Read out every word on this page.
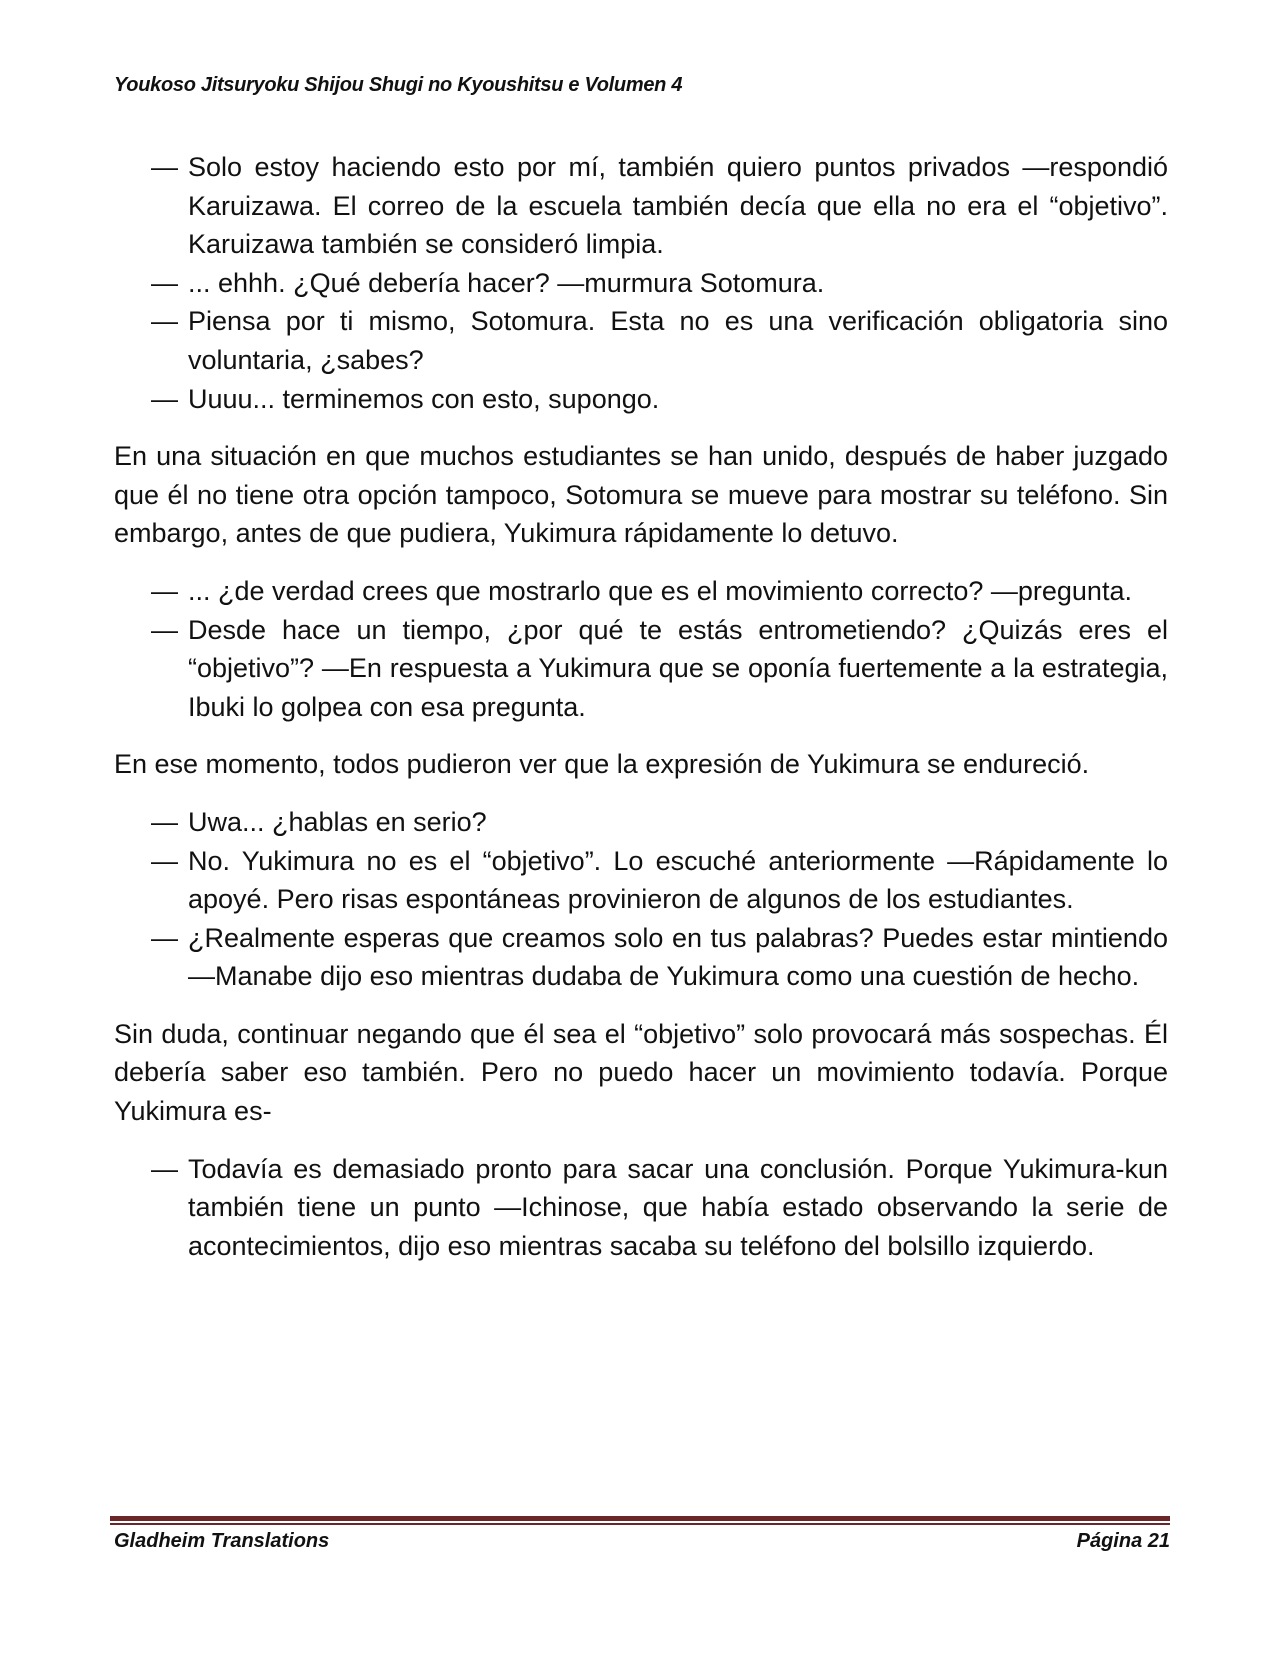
Youkoso Jitsuryoku Shijou Shugi no Kyoushitsu e Volumen 4
— Solo estoy haciendo esto por mí, también quiero puntos privados —respondió Karuizawa. El correo de la escuela también decía que ella no era el “objetivo”. Karuizawa también se consideró limpia.
— ... ehhh. ¿Qué debería hacer? —murmura Sotomura.
— Piensa por ti mismo, Sotomura. Esta no es una verificación obligatoria sino voluntaria, ¿sabes?
— Uuuu... terminemos con esto, supongo.
En una situación en que muchos estudiantes se han unido, después de haber juzgado que él no tiene otra opción tampoco, Sotomura se mueve para mostrar su teléfono. Sin embargo, antes de que pudiera, Yukimura rápidamente lo detuvo.
— ... ¿de verdad crees que mostrarlo que es el movimiento correcto? —pregunta.
— Desde hace un tiempo, ¿por qué te estás entrometiendo? ¿Quizás eres el “objetivo”? —En respuesta a Yukimura que se oponía fuertemente a la estrategia, Ibuki lo golpea con esa pregunta.
En ese momento, todos pudieron ver que la expresión de Yukimura se endureció.
— Uwa... ¿hablas en serio?
— No. Yukimura no es el “objetivo”. Lo escuché anteriormente —Rápidamente lo apoyé. Pero risas espontáneas provinieron de algunos de los estudiantes.
— ¿Realmente esperas que creamos solo en tus palabras? Puedes estar mintiendo —Manabe dijo eso mientras dudaba de Yukimura como una cuestión de hecho.
Sin duda, continuar negando que él sea el “objetivo” solo provocará más sospechas. Él debería saber eso también. Pero no puedo hacer un movimiento todavía. Porque Yukimura es-
— Todavía es demasiado pronto para sacar una conclusión. Porque Yukimura-kun también tiene un punto —Ichinose, que había estado observando la serie de acontecimientos, dijo eso mientras sacaba su teléfono del bolsillo izquierdo.
Gladheim Translations	Página 21
